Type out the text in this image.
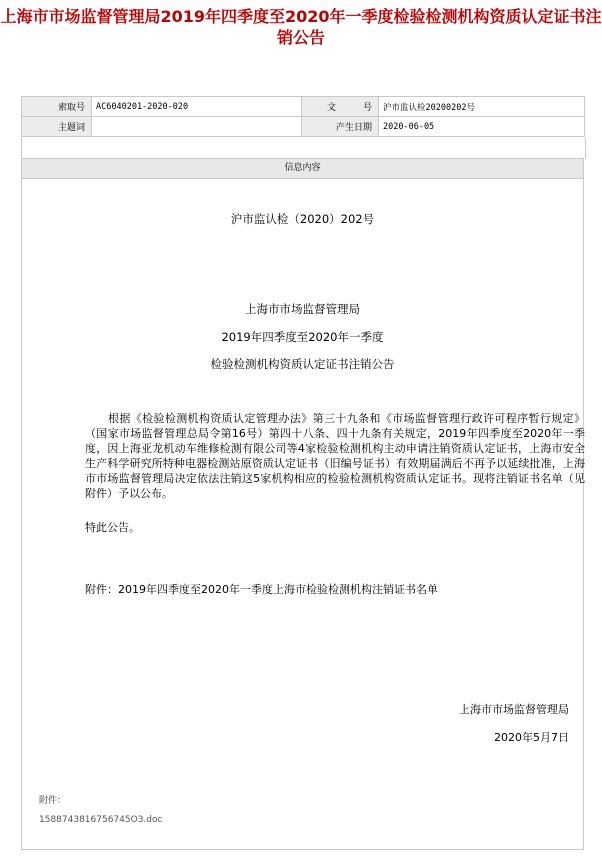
上海市市场监督管理局2019年四季度至2020年一季度检验检测机构资质认定证书注销公告
索取号	AC6040201-2020-020	文　　　号	沪市监认检20200202号
主题词		产生日期	2020-06-05
信息内容
沪市监认检（2020）202号
上海市市场监督管理局
2019年四季度至2020年一季度
检验检测机构资质认定证书注销公告
根据《检验检测机构资质认定管理办法》第三十九条和《市场监督管理行政许可程序暂行规定》（国家市场监督管理总局令第16号）第四十八条、四十九条有关规定，2019年四季度至2020年一季度，因上海亚龙机动车维修检测有限公司等4家检验检测机构主动申请注销资质认定证书，上海市安全生产科学研究所特种电器检测站原资质认定证书（旧编号证书）有效期届满后不再予以延续批准，上海市市场监督管理局决定依法注销这5家机构相应的检验检测机构资质认定证书。现将注销证书名单（见附件）予以公布。
特此公告。
附件：2019年四季度至2020年一季度上海市检验检测机构注销证书名单
上海市市场监督管理局
2020年5月7日
附件：
1588743816756745O3.doc
